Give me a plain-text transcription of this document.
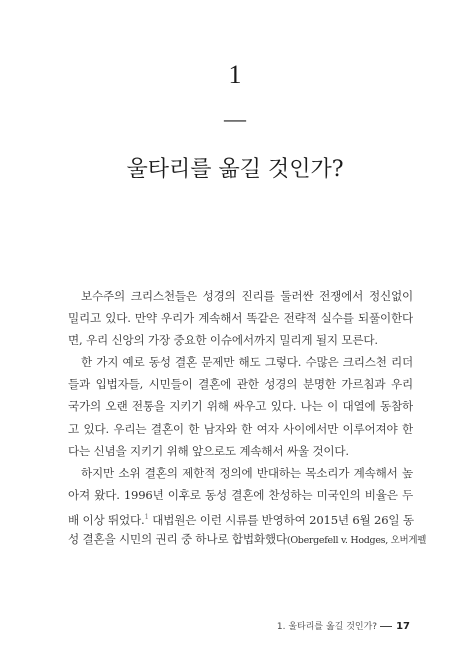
1
—
울타리를 옮길 것인가?
보수주의 크리스천들은 성경의 진리를 둘러싼 전쟁에서 정신없이
밀리고 있다. 만약 우리가 계속해서 똑같은 전략적 실수를 되풀이한다
면, 우리 신앙의 가장 중요한 이슈에서까지 밀리게 될지 모른다.
한 가지 예로 동성 결혼 문제만 해도 그렇다. 수많은 크리스천 리더
들과 입법자들, 시민들이 결혼에 관한 성경의 분명한 가르침과 우리
국가의 오랜 전통을 지키기 위해 싸우고 있다. 나는 이 대열에 동참하
고 있다. 우리는 결혼이 한 남자와 한 여자 사이에서만 이루어져야 한
다는 신념을 지키기 위해 앞으로도 계속해서 싸울 것이다.
하지만 소위 결혼의 제한적 정의에 반대하는 목소리가 계속해서 높
아져 왔다. 1996년 이후로 동성 결혼에 찬성하는 미국인의 비율은 두
배 이상 뛰었다.$^1$ 대법원은 이런 시류를 반영하여 2015년 6월 26일 동
성 결혼을 시민의 권리 중 하나로 합법화했다(Obergefell v. Hodges, 오버게펠
1. 울타리를 옮길 것인가? 17
